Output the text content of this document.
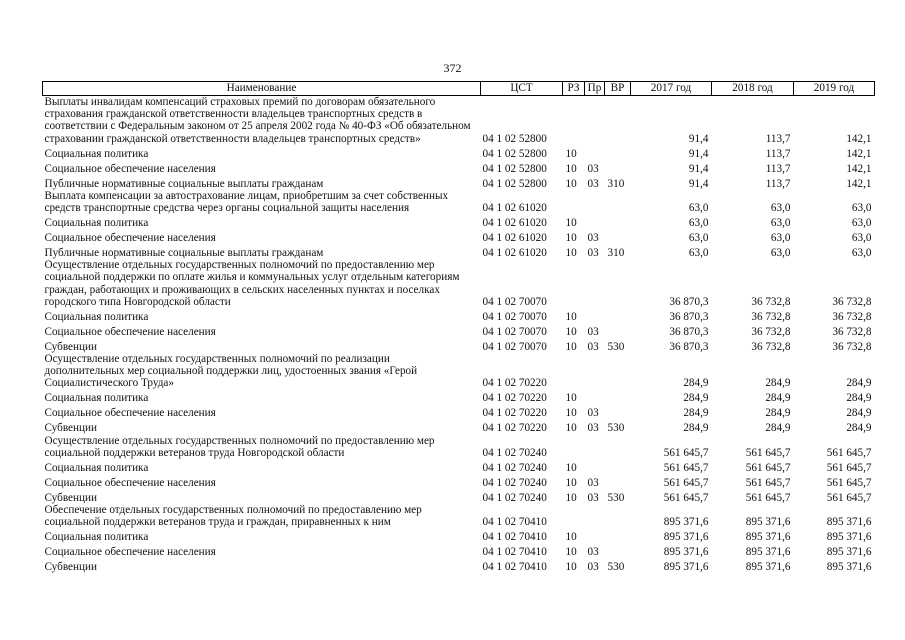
372
Наименование	ЦСТ	РЗ	Пр	ВР	2017 год	2018 год	2019 год
Выплаты инвалидам компенсаций страховых премий по договорам обязательного страхования гражданской ответственности владельцев транспортных средств в соответствии с Федеральным законом от 25 апреля 2002 года № 40-ФЗ «Об обязательном страховании гражданской ответственности владельцев транспортных средств»	04 1 02 52800				91,4	113,7	142,1
Социальная политика	04 1 02 52800	10			91,4	113,7	142,1
Социальное обеспечение населения	04 1 02 52800	10	03		91,4	113,7	142,1
Публичные нормативные социальные выплаты гражданам	04 1 02 52800	10	03	310	91,4	113,7	142,1
Выплата компенсации за автострахование лицам, приобретшим за счет собственных средств транспортные средства через органы социальной защиты населения	04 1 02 61020				63,0	63,0	63,0
Социальная политика	04 1 02 61020	10			63,0	63,0	63,0
Социальное обеспечение населения	04 1 02 61020	10	03		63,0	63,0	63,0
Публичные нормативные социальные выплаты гражданам	04 1 02 61020	10	03	310	63,0	63,0	63,0
Осуществление отдельных государственных полномочий по предоставлению мер социальной поддержки по оплате жилья и коммунальных услуг отдельным категориям граждан, работающих и проживающих в сельских населенных пунктах и поселках городского типа Новгородской области	04 1 02 70070				36 870,3	36 732,8	36 732,8
Социальная политика	04 1 02 70070	10			36 870,3	36 732,8	36 732,8
Социальное обеспечение населения	04 1 02 70070	10	03		36 870,3	36 732,8	36 732,8
Субвенции	04 1 02 70070	10	03	530	36 870,3	36 732,8	36 732,8
Осуществление отдельных государственных полномочий по реализации дополнительных мер социальной поддержки лиц, удостоенных звания «Герой Социалистического Труда»	04 1 02 70220				284,9	284,9	284,9
Социальная политика	04 1 02 70220	10			284,9	284,9	284,9
Социальное обеспечение населения	04 1 02 70220	10	03		284,9	284,9	284,9
Субвенции	04 1 02 70220	10	03	530	284,9	284,9	284,9
Осуществление отдельных государственных полномочий по предоставлению мер социальной поддержки ветеранов труда Новгородской области	04 1 02 70240				561 645,7	561 645,7	561 645,7
Социальная политика	04 1 02 70240	10			561 645,7	561 645,7	561 645,7
Социальное обеспечение населения	04 1 02 70240	10	03		561 645,7	561 645,7	561 645,7
Субвенции	04 1 02 70240	10	03	530	561 645,7	561 645,7	561 645,7
Обеспечение отдельных государственных полномочий по предоставлению мер социальной поддержки ветеранов труда и граждан, приравненных к ним	04 1 02 70410				895 371,6	895 371,6	895 371,6
Социальная политика	04 1 02 70410	10			895 371,6	895 371,6	895 371,6
Социальное обеспечение населения	04 1 02 70410	10	03		895 371,6	895 371,6	895 371,6
Субвенции	04 1 02 70410	10	03	530	895 371,6	895 371,6	895 371,6
